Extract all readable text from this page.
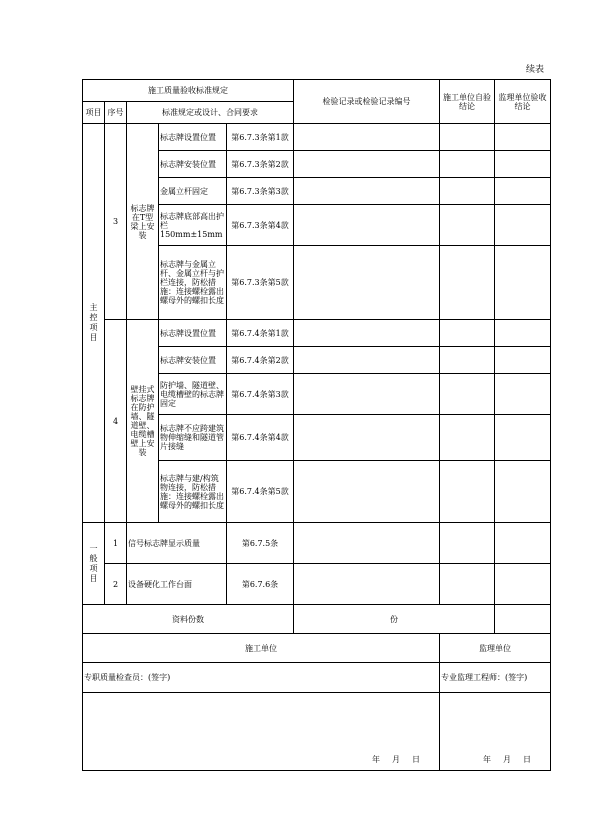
续表
施工质量验收标准规定					检验记录或检验记录编号	施工单位自验结论	监理单位验收结论
项目	序号	标准规定或设计、合同要求					

主控项目	3	标志牌在T型梁上安装	标志牌设置位置	第6.7.3条第1款			
			标志牌安装位置	第6.7.3条第2款			
			金属立杆固定	第6.7.3条第3款			
			标志牌底部高出护栏150mm±15mm	第6.7.3条第4款			
			标志牌与金属立杆、金属立杆与护栏连接，防松措施：连接螺栓露出螺母外的螺扣长度	第6.7.3条第5款			
	4	壁挂式标志牌在防护墙、隧道壁、电缆槽壁上安装	标志牌设置位置	第6.7.4条第1款			
			标志牌安装位置	第6.7.4条第2款			
			防护墙、隧道壁、电缆槽壁的标志牌固定	第6.7.4条第3款			
			标志牌不应跨建筑物伸缩缝和隧道管片接缝	第6.7.4条第4款			
			标志牌与建/构筑物连接，防松措施：连接螺栓露出螺母外的螺扣长度	第6.7.4条第5款			

一般项目	1	信号标志牌显示质量		第6.7.5条			
	2	设备硬化工作台面		第6.7.6条			
资料份数					份		
施工单位						监理单位	
专职质量检查员：(签字)						专业监理工程师：(签字)	

年 月 日						年 月 日	
